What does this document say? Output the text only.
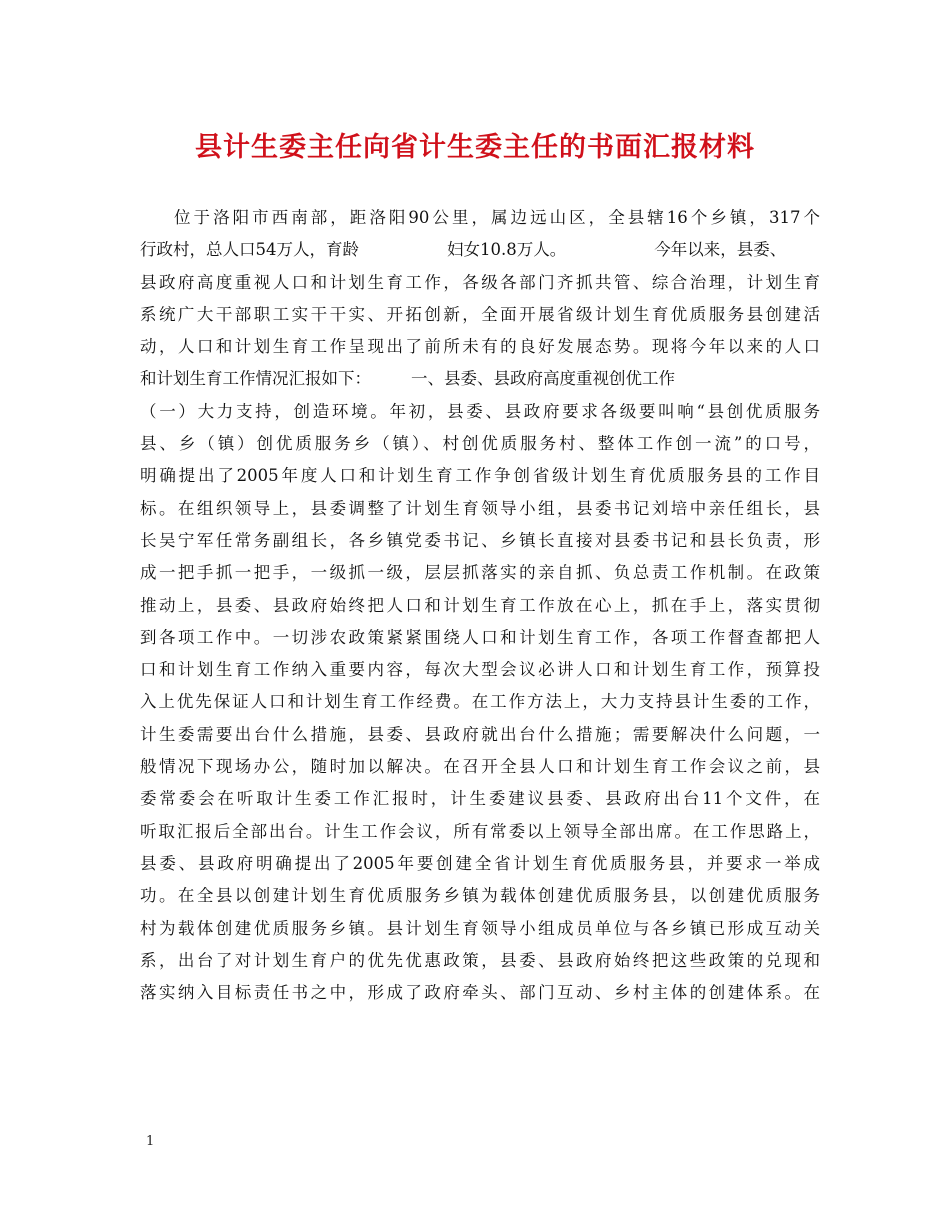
县计生委主任向省计生委主任的书面汇报材料
位于洛阳市西南部，距洛阳90公里，属边远山区，全县辖16个乡镇，317个
行政村，总人口54万人，育龄	妇女10.8万人。	今年以来，县委、
县政府高度重视人口和计划生育工作，各级各部门齐抓共管、综合治理，计划生育
系统广大干部职工实干干实、开拓创新，全面开展省级计划生育优质服务县创建活
动，人口和计划生育工作呈现出了前所未有的良好发展态势。现将今年以来的人口
和计划生育工作情况汇报如下： 一、县委、县政府高度重视创优工作
（一）大力支持，创造环境。年初，县委、县政府要求各级要叫响“县创优质服务
县、乡（镇）创优质服务乡（镇）、村创优质服务村、整体工作创一流”的口号，
明确提出了2005年度人口和计划生育工作争创省级计划生育优质服务县的工作目
标。在组织领导上，县委调整了计划生育领导小组，县委书记刘培中亲任组长，县
长吴宁军任常务副组长，各乡镇党委书记、乡镇长直接对县委书记和县长负责，形
成一把手抓一把手，一级抓一级，层层抓落实的亲自抓、负总责工作机制。在政策
推动上，县委、县政府始终把人口和计划生育工作放在心上，抓在手上，落实贯彻
到各项工作中。一切涉农政策紧紧围绕人口和计划生育工作，各项工作督查都把人
口和计划生育工作纳入重要内容，每次大型会议必讲人口和计划生育工作，预算投
入上优先保证人口和计划生育工作经费。在工作方法上，大力支持县计生委的工作，
计生委需要出台什么措施，县委、县政府就出台什么措施；需要解决什么问题，一
般情况下现场办公，随时加以解决。在召开全县人口和计划生育工作会议之前，县
委常委会在听取计生委工作汇报时，计生委建议县委、县政府出台11个文件，在
听取汇报后全部出台。计生工作会议，所有常委以上领导全部出席。在工作思路上，
县委、县政府明确提出了2005年要创建全省计划生育优质服务县，并要求一举成
功。在全县以创建计划生育优质服务乡镇为载体创建优质服务县，以创建优质服务
村为载体创建优质服务乡镇。县计划生育领导小组成员单位与各乡镇已形成互动关
系，出台了对计划生育户的优先优惠政策，县委、县政府始终把这些政策的兑现和
落实纳入目标责任书之中，形成了政府牵头、部门互动、乡村主体的创建体系。在
1
